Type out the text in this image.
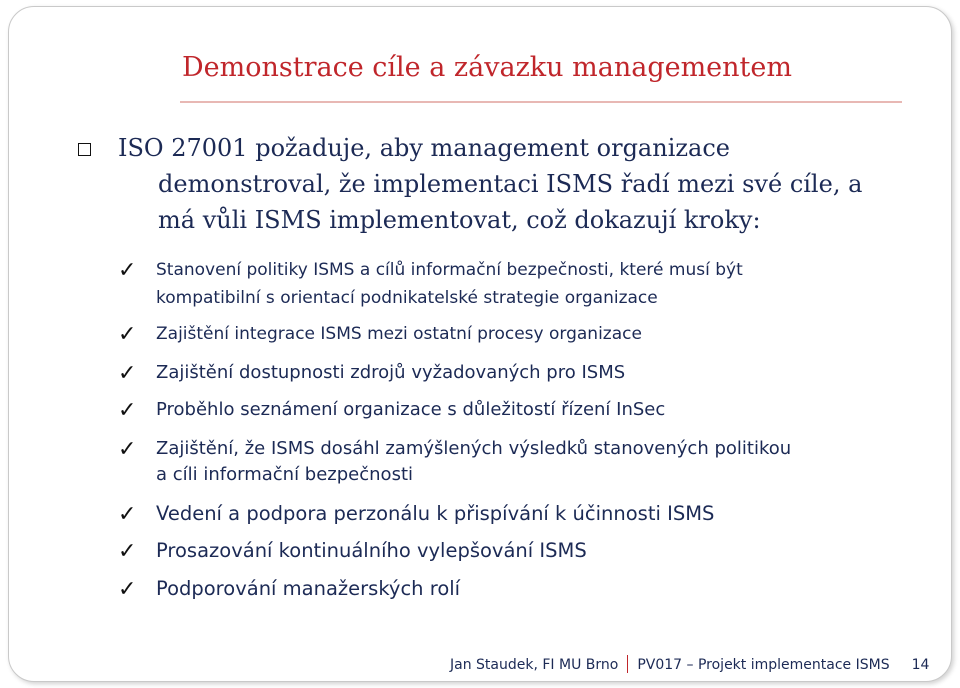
Demonstrace cíle a závazku managementem
ISO 27001 požaduje, aby management organizace
demonstroval, že implementaci ISMS řadí mezi své cíle, a
má vůli ISMS implementovat, což dokazují kroky:
✓ Stanovení politiky ISMS a cílů informační bezpečnosti, které musí být
kompatibilní s orientací podnikatelské strategie organizace
✓ Zajištění integrace ISMS mezi ostatní procesy organizace
✓ Zajištění dostupnosti zdrojů vyžadovaných pro ISMS
✓ Proběhlo seznámení organizace s důležitostí řízení InSec
✓ Zajištění, že ISMS dosáhl zamýšlených výsledků stanovených politikou
a cíli informační bezpečnosti
✓ Vedení a podpora perzonálu k přispívání k účinnosti ISMS
✓ Prosazování kontinuálního vylepšování ISMS
✓ Podporování manažerských rolí
Jan Staudek, FI MU Brno PV017 – Projekt implementace ISMS 14
